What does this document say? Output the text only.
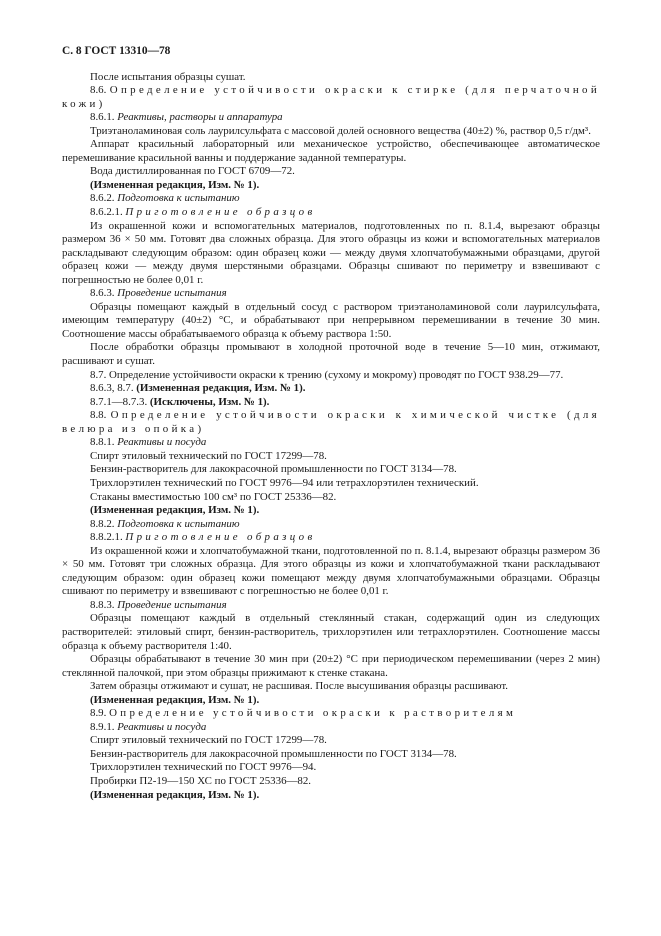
С. 8 ГОСТ 13310—78

После испытания образцы сушат.

8.6. Определение устойчивости окраски к стирке (для перчаточной кожи)

8.6.1. Реактивы, растворы и аппаратура

Триэтаноламиновая соль лаурилсульфата с массовой долей основного вещества (40±2) %, раствор 0,5 г/дм³.

Аппарат красильный лабораторный или механическое устройство, обеспечивающее автоматическое перемешивание красильной ванны и поддержание заданной температуры.

Вода дистиллированная по ГОСТ 6709—72.

(Измененная редакция, Изм. № 1).

8.6.2. Подготовка к испытанию

8.6.2.1. Приготовление образцов

Из окрашенной кожи и вспомогательных материалов, подготовленных по п. 8.1.4, вырезают образцы размером 36 × 50 мм. Готовят два сложных образца. Для этого образцы из кожи и вспомогательных материалов раскладывают следующим образом: один образец кожи — между двумя хлопчатобумажными образцами, другой образец кожи — между двумя шерстяными образцами. Образцы сшивают по периметру и взвешивают с погрешностью не более 0,01 г.

8.6.3. Проведение испытания

Образцы помещают каждый в отдельный сосуд с раствором триэтаноламиновой соли лаурилсульфата, имеющим температуру (40±2) °С, и обрабатывают при непрерывном перемешивании в течение 30 мин. Соотношение массы обрабатываемого образца к объему раствора 1:50.

После обработки образцы промывают в холодной проточной воде в течение 5—10 мин, отжимают, расшивают и сушат.

8.7. Определение устойчивости окраски к трению (сухому и мокрому) проводят по ГОСТ 938.29—77.

8.6.3, 8.7. (Измененная редакция, Изм. № 1).

8.7.1—8.7.3. (Исключены, Изм. № 1).

8.8. Определение устойчивости окраски к химической чистке (для велюра из опойка)

8.8.1. Реактивы и посуда

Спирт этиловый технический по ГОСТ 17299—78.

Бензин-растворитель для лакокрасочной промышленности по ГОСТ 3134—78.

Трихлорэтилен технический по ГОСТ 9976—94 или тетрахлорэтилен технический.

Стаканы вместимостью 100 см³ по ГОСТ 25336—82.

(Измененная редакция, Изм. № 1).

8.8.2. Подготовка к испытанию

8.8.2.1. Приготовление образцов

Из окрашенной кожи и хлопчатобумажной ткани, подготовленной по п. 8.1.4, вырезают образцы размером 36 × 50 мм. Готовят три сложных образца. Для этого образцы из кожи и хлопчатобумажной ткани раскладывают следующим образом: один образец кожи помещают между двумя хлопчатобумажными образцами. Образцы сшивают по периметру и взвешивают с погрешностью не более 0,01 г.

8.8.3. Проведение испытания

Образцы помещают каждый в отдельный стеклянный стакан, содержащий один из следующих растворителей: этиловый спирт, бензин-растворитель, трихлорэтилен или тетрахлорэтилен. Соотношение массы образца к объему растворителя 1:40.

Образцы обрабатывают в течение 30 мин при (20±2) °С при периодическом перемешивании (через 2 мин) стеклянной палочкой, при этом образцы прижимают к стенке стакана.

Затем образцы отжимают и сушат, не расшивая. После высушивания образцы расшивают.

(Измененная редакция, Изм. № 1).

8.9. Определение устойчивости окраски к растворителям

8.9.1. Реактивы и посуда

Спирт этиловый технический по ГОСТ 17299—78.

Бензин-растворитель для лакокрасочной промышленности по ГОСТ 3134—78.

Трихлорэтилен технический по ГОСТ 9976—94.

Пробирки П2-19—150 ХС по ГОСТ 25336—82.

(Измененная редакция, Изм. № 1).
